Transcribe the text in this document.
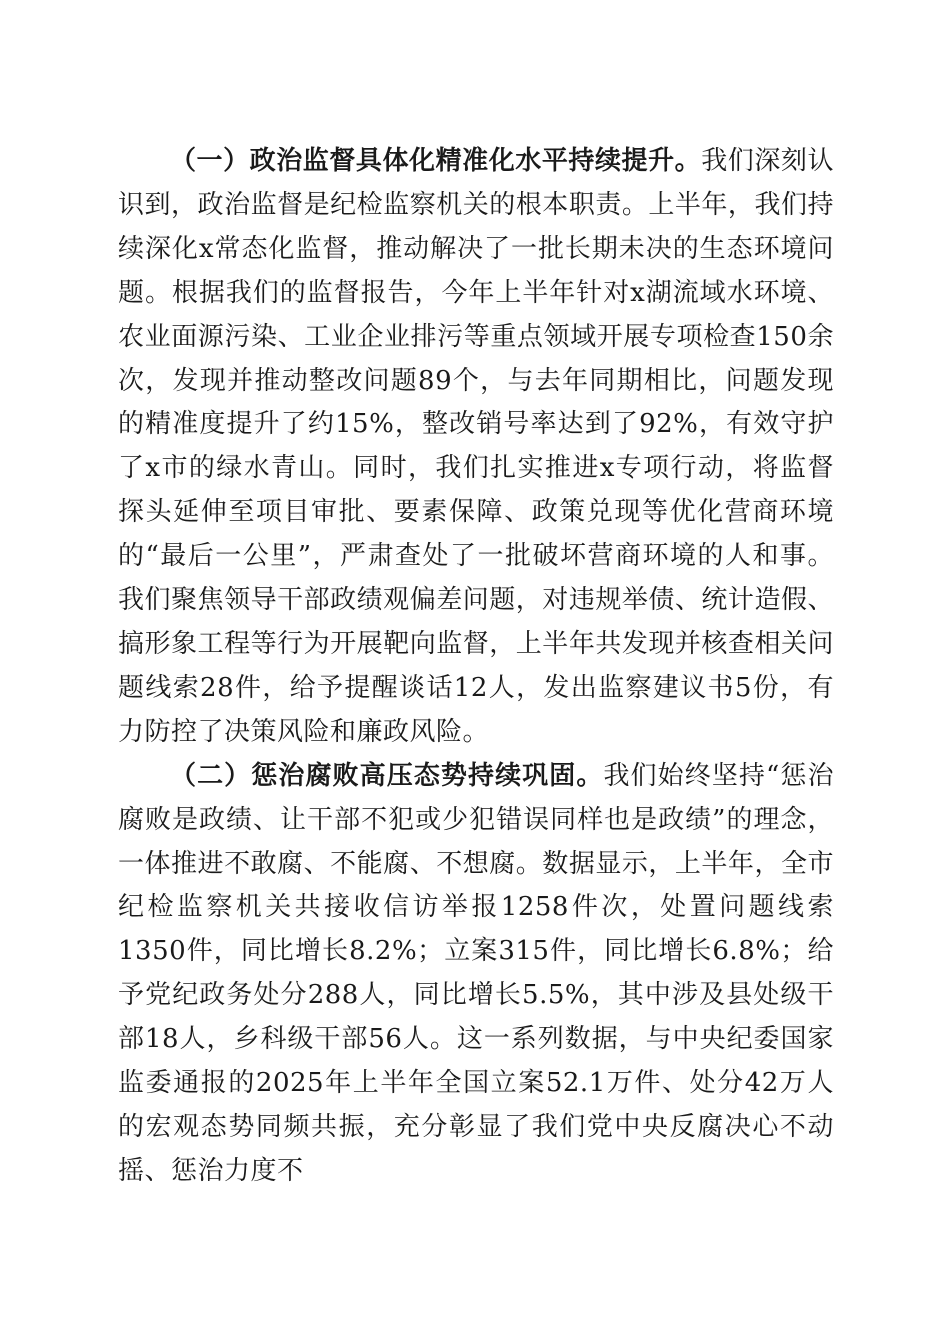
（一）政治监督具体化精准化水平持续提升。我们深刻认识到，政治监督是纪检监察机关的根本职责。上半年，我们持续深化x常态化监督，推动解决了一批长期未决的生态环境问题。根据我们的监督报告，今年上半年针对x湖流域水环境、农业面源污染、工业企业排污等重点领域开展专项检查150余次，发现并推动整改问题89个，与去年同期相比，问题发现的精准度提升了约15%，整改销号率达到了92%，有效守护了x市的绿水青山。同时，我们扎实推进x专项行动，将监督探头延伸至项目审批、要素保障、政策兑现等优化营商环境的“最后一公里”，严肃查处了一批破坏营商环境的人和事。我们聚焦领导干部政绩观偏差问题，对违规举债、统计造假、搞形象工程等行为开展靶向监督，上半年共发现并核查相关问题线索28件，给予提醒谈话12人，发出监察建议书5份，有力防控了决策风险和廉政风险。

（二）惩治腐败高压态势持续巩固。我们始终坚持“惩治腐败是政绩、让干部不犯或少犯错误同样也是政绩”的理念，一体推进不敢腐、不能腐、不想腐。数据显示，上半年，全市纪检监察机关共接收信访举报1258件次，处置问题线索1350件，同比增长8.2%；立案315件，同比增长6.8%；给予党纪政务处分288人，同比增长5.5%，其中涉及县处级干部18人，乡科级干部56人。这一系列数据，与中央纪委国家监委通报的2025年上半年全国立案52.1万件、处分42万人的宏观态势同频共振，充分彰显了我们党中央反腐决心不动摇、惩治力度不
